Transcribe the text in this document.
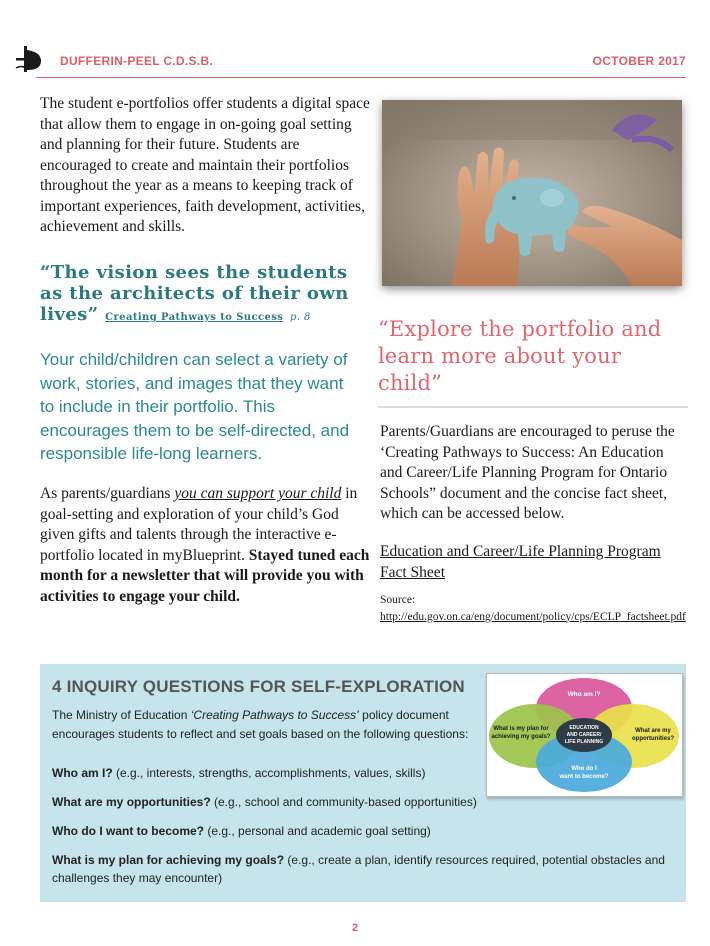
DUFFERIN-PEEL C.D.S.B.	OCTOBER 2017
The student e-portfolios offer students a digital space that allow them to engage in on-going goal setting and planning for their future. Students are encouraged to create and maintain their portfolios throughout the year as a means to keeping track of important experiences, faith development, activities, achievement and skills.
“The vision sees the students as the architects of their own lives” Creating Pathways to Success p. 8
Your child/children can select a variety of work, stories, and images that they want to include in their portfolio. This encourages them to be self-directed, and responsible life-long learners.
As parents/guardians you can support your child in goal-setting and exploration of your child’s God given gifts and talents through the interactive e-portfolio located in myBlueprint. Stayed tuned each month for a newsletter that will provide you with activities to engage your child.
“Explore the portfolio and learn more about your child”
Parents/Guardians are encouraged to peruse the ‘Creating Pathways to Success: An Education and Career/Life Planning Program for Ontario Schools” document and the concise fact sheet, which can be accessed below.
Education and Career/Life Planning Program Fact Sheet
Source: http://edu.gov.on.ca/eng/document/policy/cps/ECLP_factsheet.pdf
4 INQUIRY QUESTIONS FOR SELF-EXPLORATION
The Ministry of Education ‘Creating Pathways to Success’ policy document encourages students to reflect and set goals based on the following questions:
Who am I? (e.g., interests, strengths, accomplishments, values, skills)
What are my opportunities? (e.g., school and community-based opportunities)
Who do I want to become? (e.g., personal and academic goal setting)
What is my plan for achieving my goals? (e.g., create a plan, identify resources required, potential obstacles and challenges they may encounter)
Who am I?
What is my plan for
achieving my goals?
What are my
opportunities?
Who do I
want to become?
EDUCATION
AND CAREER/
LIFE PLANNING
2
